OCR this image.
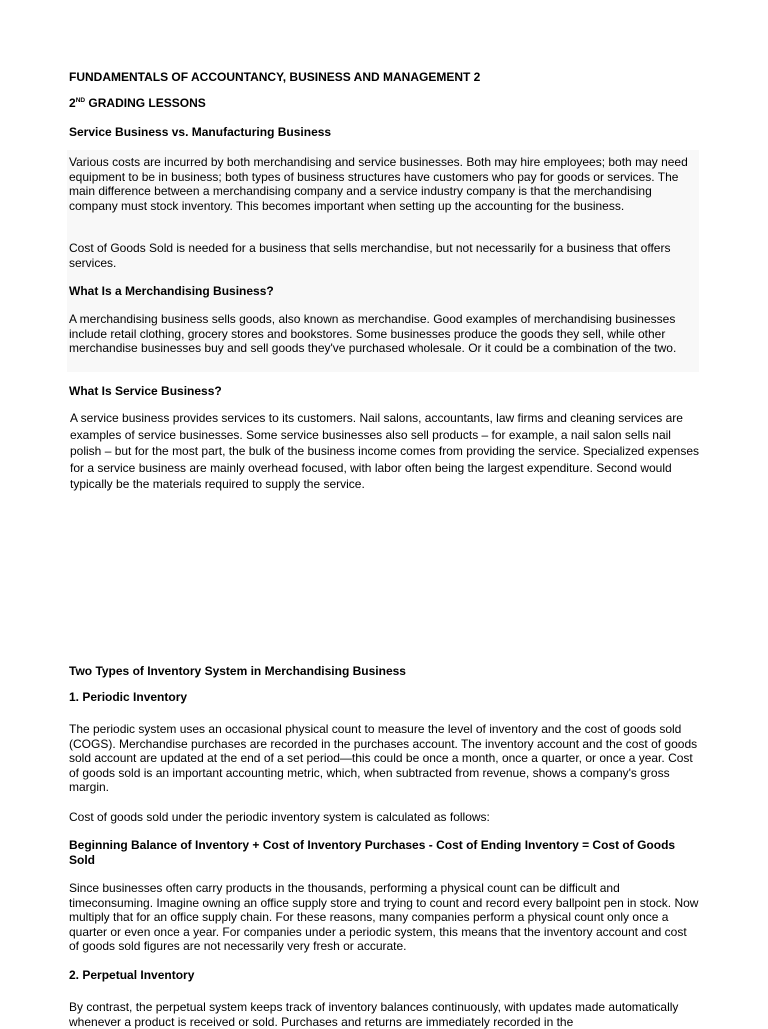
FUNDAMENTALS OF ACCOUNTANCY, BUSINESS AND MANAGEMENT 2

2ND GRADING LESSONS

Service Business vs. Manufacturing Business

Various costs are incurred by both merchandising and service businesses. Both may hire employees; both may need equipment to be in business; both types of business structures have customers who pay for goods or services. The main difference between a merchandising company and a service industry company is that the merchandising company must stock inventory. This becomes important when setting up the accounting for the business.

Cost of Goods Sold is needed for a business that sells merchandise, but not necessarily for a business that offers services.

What Is a Merchandising Business?

A merchandising business sells goods, also known as merchandise. Good examples of merchandising businesses include retail clothing, grocery stores and bookstores. Some businesses produce the goods they sell, while other merchandise businesses buy and sell goods they've purchased wholesale. Or it could be a combination of the two.

What Is Service Business?

A service business provides services to its customers. Nail salons, accountants, law firms and cleaning services are examples of service businesses. Some service businesses also sell products – for example, a nail salon sells nail polish – but for the most part, the bulk of the business income comes from providing the service. Specialized expenses for a service business are mainly overhead focused, with labor often being the largest expenditure. Second would typically be the materials required to supply the service.

Two Types of Inventory System in Merchandising Business

1. Periodic Inventory

The periodic system uses an occasional physical count to measure the level of inventory and the cost of goods sold (COGS). Merchandise purchases are recorded in the purchases account. The inventory account and the cost of goods sold account are updated at the end of a set period—this could be once a month, once a quarter, or once a year. Cost of goods sold is an important accounting metric, which, when subtracted from revenue, shows a company's gross margin.

Cost of goods sold under the periodic inventory system is calculated as follows:

Beginning Balance of Inventory + Cost of Inventory Purchases - Cost of Ending Inventory = Cost of Goods Sold

Since businesses often carry products in the thousands, performing a physical count can be difficult and timeconsuming. Imagine owning an office supply store and trying to count and record every ballpoint pen in stock. Now multiply that for an office supply chain. For these reasons, many companies perform a physical count only once a quarter or even once a year. For companies under a periodic system, this means that the inventory account and cost of goods sold figures are not necessarily very fresh or accurate.

2. Perpetual Inventory

By contrast, the perpetual system keeps track of inventory balances continuously, with updates made automatically whenever a product is received or sold. Purchases and returns are immediately recorded in the
